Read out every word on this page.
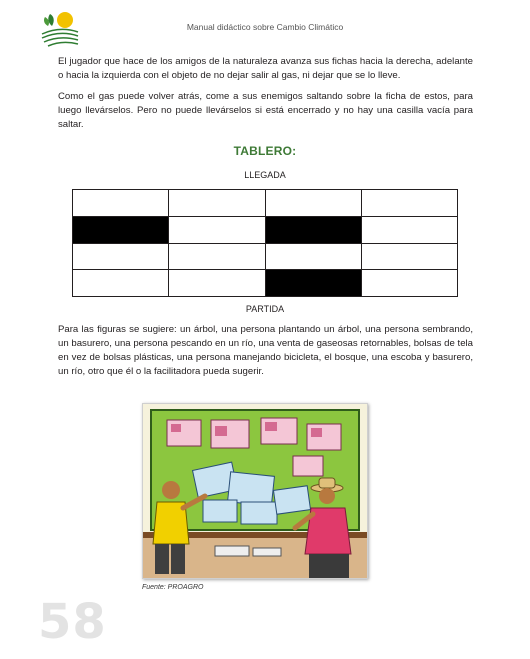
Manual didáctico sobre Cambio Climático

El jugador que hace de los amigos de la naturaleza avanza sus fichas hacia la derecha, adelante o hacia la izquierda con el objeto de no dejar salir al gas, ni dejar que se lo lleve.

Como el gas puede volver atrás, come a sus enemigos saltando sobre la ficha de estos, para luego llevárselos. Pero no puede llevárselos si está encerrado y no hay una casilla vacía para saltar.

TABLERO:
LLEGADA

PARTIDA

Para las figuras se sugiere: un árbol, una persona plantando un árbol, una persona sembrando, un basurero, una persona pescando en un río, una venta de gaseosas retornables, bolsas de tela en vez de bolsas plásticas, una persona manejando bicicleta, el bosque, una escoba y basurero, un río, otro que él o la facilitadora pueda sugerir.

Fuente: PROAGRO
58
